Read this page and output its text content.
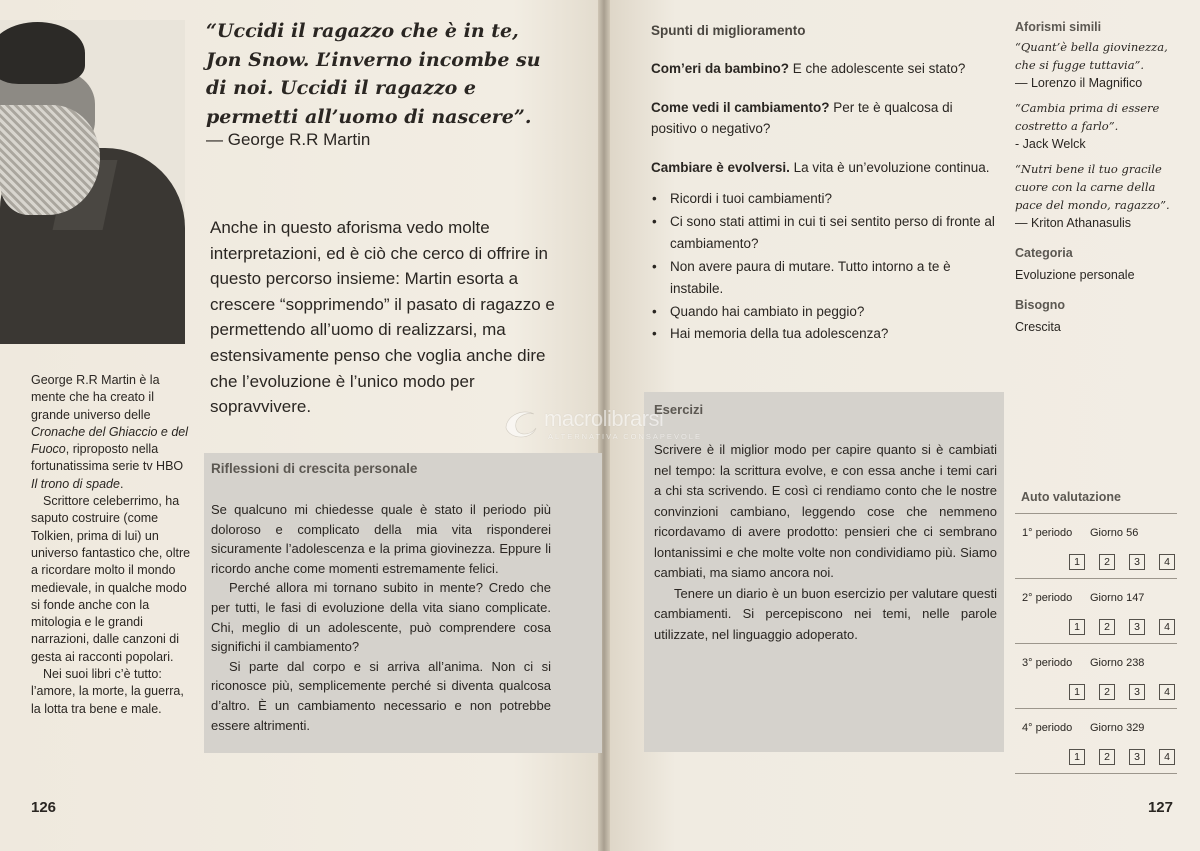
George R.R Martin è la mente che ha creato il grande universo delle Cronache del Ghiaccio e del Fuoco, riproposto nella fortunatissima serie tv HBO Il trono di spade.

Scrittore celeberrimo, ha saputo costruire (come Tolkien, prima di lui) un universo fantastico che, oltre a ricordare molto il mondo medievale, in qualche modo si fonde anche con la mitologia e le grandi narrazioni, dalle canzoni di gesta ai racconti popolari.

Nei suoi libri c’è tutto: l’amore, la morte, la guerra, la lotta tra bene e male.

“Uccidi il ragazzo che è in te, Jon Snow. L’inverno incombe su di noi. Uccidi il ragazzo e permetti all’uomo di nascere”.
— George R.R Martin
Anche in questo aforisma vedo molte interpretazioni, ed è ciò che cerco di offrire in questo percorso insieme: Martin esorta a crescere “sopprimendo” il pasato di ragazzo e permettendo all’uomo di realizzarsi, ma estensivamente penso che voglia anche dire che l’evoluzione è l’unico modo per sopravvivere.
Riflessioni di crescita personale

Se qualcuno mi chiedesse quale è stato il periodo più doloroso e complicato della mia vita risponderei sicuramente l’adolescenza e la prima giovinezza. Eppure li ricordo anche come momenti estremamente felici.

Perché allora mi tornano subito in mente? Credo che per tutti, le fasi di evoluzione della vita siano complicate. Chi, meglio di un adolescente, può comprendere cosa significhi il cambiamento?

Si parte dal corpo e si arriva all’anima. Non ci si riconosce più, semplicemente perché si diventa qualcosa d’altro. È un cambiamento necessario e non potrebbe essere altrimenti.

126
Spunti di miglioramento
Com’eri da bambino? E che adolescente sei stato?
Come vedi il cambiamento? Per te è qualcosa di positivo o negativo?
Cambiare è evolversi. La vita è un’evoluzione continua.
• Ricordi i tuoi cambiamenti?
• Ci sono stati attimi in cui ti sei sentito perso di fronte al cambiamento?
• Non avere paura di mutare. Tutto intorno a te è instabile.
• Quando hai cambiato in peggio?
• Hai memoria della tua adolescenza?
Esercizi

Scrivere è il miglior modo per capire quanto si è cambiati nel tempo: la scrittura evolve, e con essa anche i temi cari a chi sta scrivendo. E così ci rendiamo conto che le nostre convinzioni cambiano, leggendo cose che nemmeno ricordavamo di avere prodotto: pensieri che ci sembrano lontanissimi e che molte volte non condividiamo più. Siamo cambiati, ma siamo ancora noi.

Tenere un diario è un buon esercizio per valutare questi cambiamenti. Si percepiscono nei temi, nelle parole utilizzate, nel linguaggio adoperato.

Aforismi simili
“Quant’è bella giovinezza, che si fugge tuttavia”.
— Lorenzo il Magnifico
“Cambia prima di essere costretto a farlo”.
- Jack Welck
“Nutri bene il tuo gracile cuore con la carne della pace del mondo, ragazzo”.
— Kriton Athanasulis
Categoria
Evoluzione personale
Bisogno
Crescita
Auto valutazione
1° periodo Giorno 56
1	2	3	4
2° periodo Giorno 147
1	2	3	4
3° periodo Giorno 238
1	2	3	4
4° periodo Giorno 329
1	2	3	4
127
macrolibrarsi
ALTERNATIVA CONSAPEVOLE
